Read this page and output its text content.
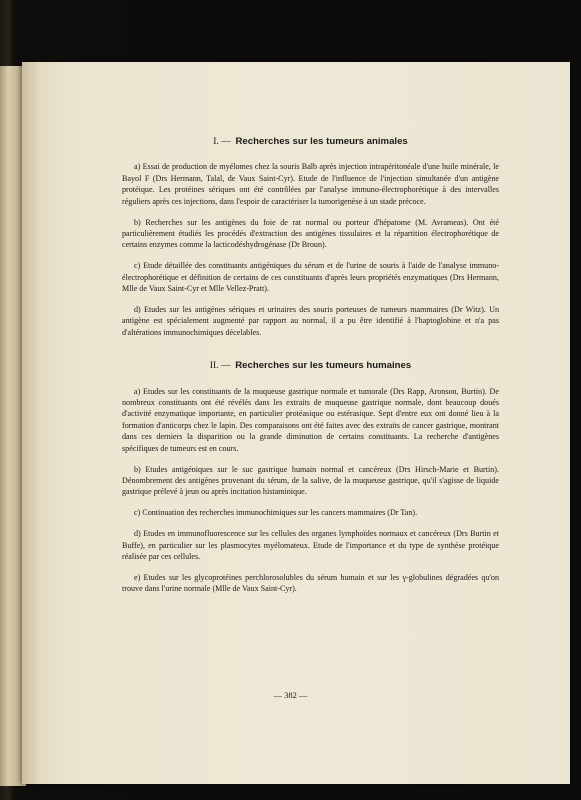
I. — Recherches sur les tumeurs animales

a) Essai de production de myélomes chez la souris Balb après injection intrapéritonéale d'une huile minérale, le Bayol F (Drs Hermann, Talal, de Vaux Saint-Cyr). Etude de l'influence de l'injection simultanée d'un antigène protéique. Les protéines sériques ont été contrôlées par l'analyse immuno-électrophorétique à des intervalles réguliers après ces injections, dans l'espoir de caractériser la tumorigenèse à un stade précoce.

b) Recherches sur les antigènes du foie de rat normal ou porteur d'hépatome (M. Avrameas). Ont été particulièrement étudiés les procédés d'extraction des antigènes tissulaires et la répartition électrophorétique de certains enzymes comme la lacticodéshydrogénase (Dr Broun).

c) Etude détaillée des constituants antigéniques du sérum et de l'urine de souris à l'aide de l'analyse immuno-électrophorétique et définition de certains de ces constituants d'après leurs propriétés enzymatiques (Drs Hermann, Mlle de Vaux Saint-Cyr et Mlle Vellez-Pratt).

d) Etudes sur les antigènes sériques et urinaires des souris porteuses de tumeurs mammaires (Dr Witz). Un antigène est spécialement augmenté par rapport au normal, il a pu être identifié à l'haptoglobine et n'a pas d'altérations immunochimiques décelables.

II. — Recherches sur les tumeurs humaines

a) Etudes sur les constituants de la muqueuse gastrique normale et tumorale (Drs Rapp, Aronson, Burtin). De nombreux constituants ont été révélés dans les extraits de muqueuse gastrique normale, dont beaucoup doués d'activité enzymatique importante, en particulier protéasique ou estérasique. Sept d'entre eux ont donné lieu à la formation d'anticorps chez le lapin. Des comparaisons ont été faites avec des extraits de cancer gastrique, montrant dans ces derniers la disparition ou la grande diminution de certains constituants. La recherche d'antigènes spécifiques de tumeurs est en cours.

b) Etudes antigéniques sur le suc gastrique humain normal et cancéreux (Drs Hirsch-Marie et Burtin). Dénombrement des antigènes provenant du sérum, de la salive, de la muqueuse gastrique, qu'il s'agisse de liquide gastrique prélevé à jeun ou après incitation histaminique.

c) Continuation des recherches immunochimiques sur les cancers mammaires (Dr Tan).

d) Etudes en immunofluorescence sur les cellules des organes lymphoïdes normaux et cancéreux (Drs Burtin et Buffe), en particulier sur les plasmocytes myélomateux. Etude de l'importance et du type de synthèse protéique réalisée par ces cellules.

e) Etudes sur les glycoprotéines perchlorosolubles du sérum humain et sur les γ-globulines dégradées qu'on trouve dans l'urine normale (Mlle de Vaux Saint-Cyr).

— 382 —
